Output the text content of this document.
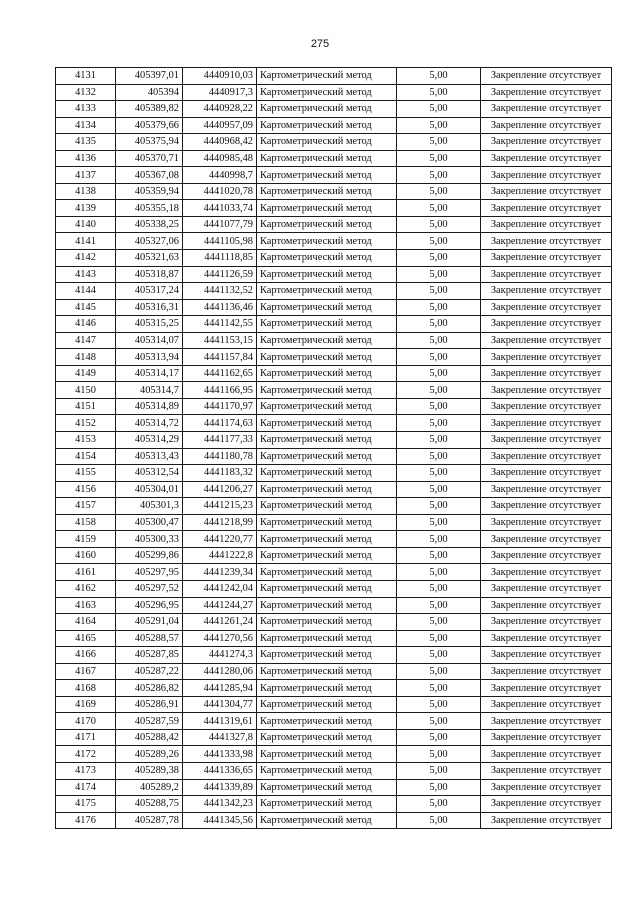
275
4131	405397,01	4440910,03	Картометрический метод	5,00	Закрепление отсутствует
4132	405394	4440917,3	Картометрический метод	5,00	Закрепление отсутствует
4133	405389,82	4440928,22	Картометрический метод	5,00	Закрепление отсутствует
4134	405379,66	4440957,09	Картометрический метод	5,00	Закрепление отсутствует
4135	405375,94	4440968,42	Картометрический метод	5,00	Закрепление отсутствует
4136	405370,71	4440985,48	Картометрический метод	5,00	Закрепление отсутствует
4137	405367,08	4440998,7	Картометрический метод	5,00	Закрепление отсутствует
4138	405359,94	4441020,78	Картометрический метод	5,00	Закрепление отсутствует
4139	405355,18	4441033,74	Картометрический метод	5,00	Закрепление отсутствует
4140	405338,25	4441077,79	Картометрический метод	5,00	Закрепление отсутствует
4141	405327,06	4441105,98	Картометрический метод	5,00	Закрепление отсутствует
4142	405321,63	4441118,85	Картометрический метод	5,00	Закрепление отсутствует
4143	405318,87	4441126,59	Картометрический метод	5,00	Закрепление отсутствует
4144	405317,24	4441132,52	Картометрический метод	5,00	Закрепление отсутствует
4145	405316,31	4441136,46	Картометрический метод	5,00	Закрепление отсутствует
4146	405315,25	4441142,55	Картометрический метод	5,00	Закрепление отсутствует
4147	405314,07	4441153,15	Картометрический метод	5,00	Закрепление отсутствует
4148	405313,94	4441157,84	Картометрический метод	5,00	Закрепление отсутствует
4149	405314,17	4441162,65	Картометрический метод	5,00	Закрепление отсутствует
4150	405314,7	4441166,95	Картометрический метод	5,00	Закрепление отсутствует
4151	405314,89	4441170,97	Картометрический метод	5,00	Закрепление отсутствует
4152	405314,72	4441174,63	Картометрический метод	5,00	Закрепление отсутствует
4153	405314,29	4441177,33	Картометрический метод	5,00	Закрепление отсутствует
4154	405313,43	4441180,78	Картометрический метод	5,00	Закрепление отсутствует
4155	405312,54	4441183,32	Картометрический метод	5,00	Закрепление отсутствует
4156	405304,01	4441206,27	Картометрический метод	5,00	Закрепление отсутствует
4157	405301,3	4441215,23	Картометрический метод	5,00	Закрепление отсутствует
4158	405300,47	4441218,99	Картометрический метод	5,00	Закрепление отсутствует
4159	405300,33	4441220,77	Картометрический метод	5,00	Закрепление отсутствует
4160	405299,86	4441222,8	Картометрический метод	5,00	Закрепление отсутствует
4161	405297,95	4441239,34	Картометрический метод	5,00	Закрепление отсутствует
4162	405297,52	4441242,04	Картометрический метод	5,00	Закрепление отсутствует
4163	405296,95	4441244,27	Картометрический метод	5,00	Закрепление отсутствует
4164	405291,04	4441261,24	Картометрический метод	5,00	Закрепление отсутствует
4165	405288,57	4441270,56	Картометрический метод	5,00	Закрепление отсутствует
4166	405287,85	4441274,3	Картометрический метод	5,00	Закрепление отсутствует
4167	405287,22	4441280,06	Картометрический метод	5,00	Закрепление отсутствует
4168	405286,82	4441285,94	Картометрический метод	5,00	Закрепление отсутствует
4169	405286,91	4441304,77	Картометрический метод	5,00	Закрепление отсутствует
4170	405287,59	4441319,61	Картометрический метод	5,00	Закрепление отсутствует
4171	405288,42	4441327,8	Картометрический метод	5,00	Закрепление отсутствует
4172	405289,26	4441333,98	Картометрический метод	5,00	Закрепление отсутствует
4173	405289,38	4441336,65	Картометрический метод	5,00	Закрепление отсутствует
4174	405289,2	4441339,89	Картометрический метод	5,00	Закрепление отсутствует
4175	405288,75	4441342,23	Картометрический метод	5,00	Закрепление отсутствует
4176	405287,78	4441345,56	Картометрический метод	5,00	Закрепление отсутствует
